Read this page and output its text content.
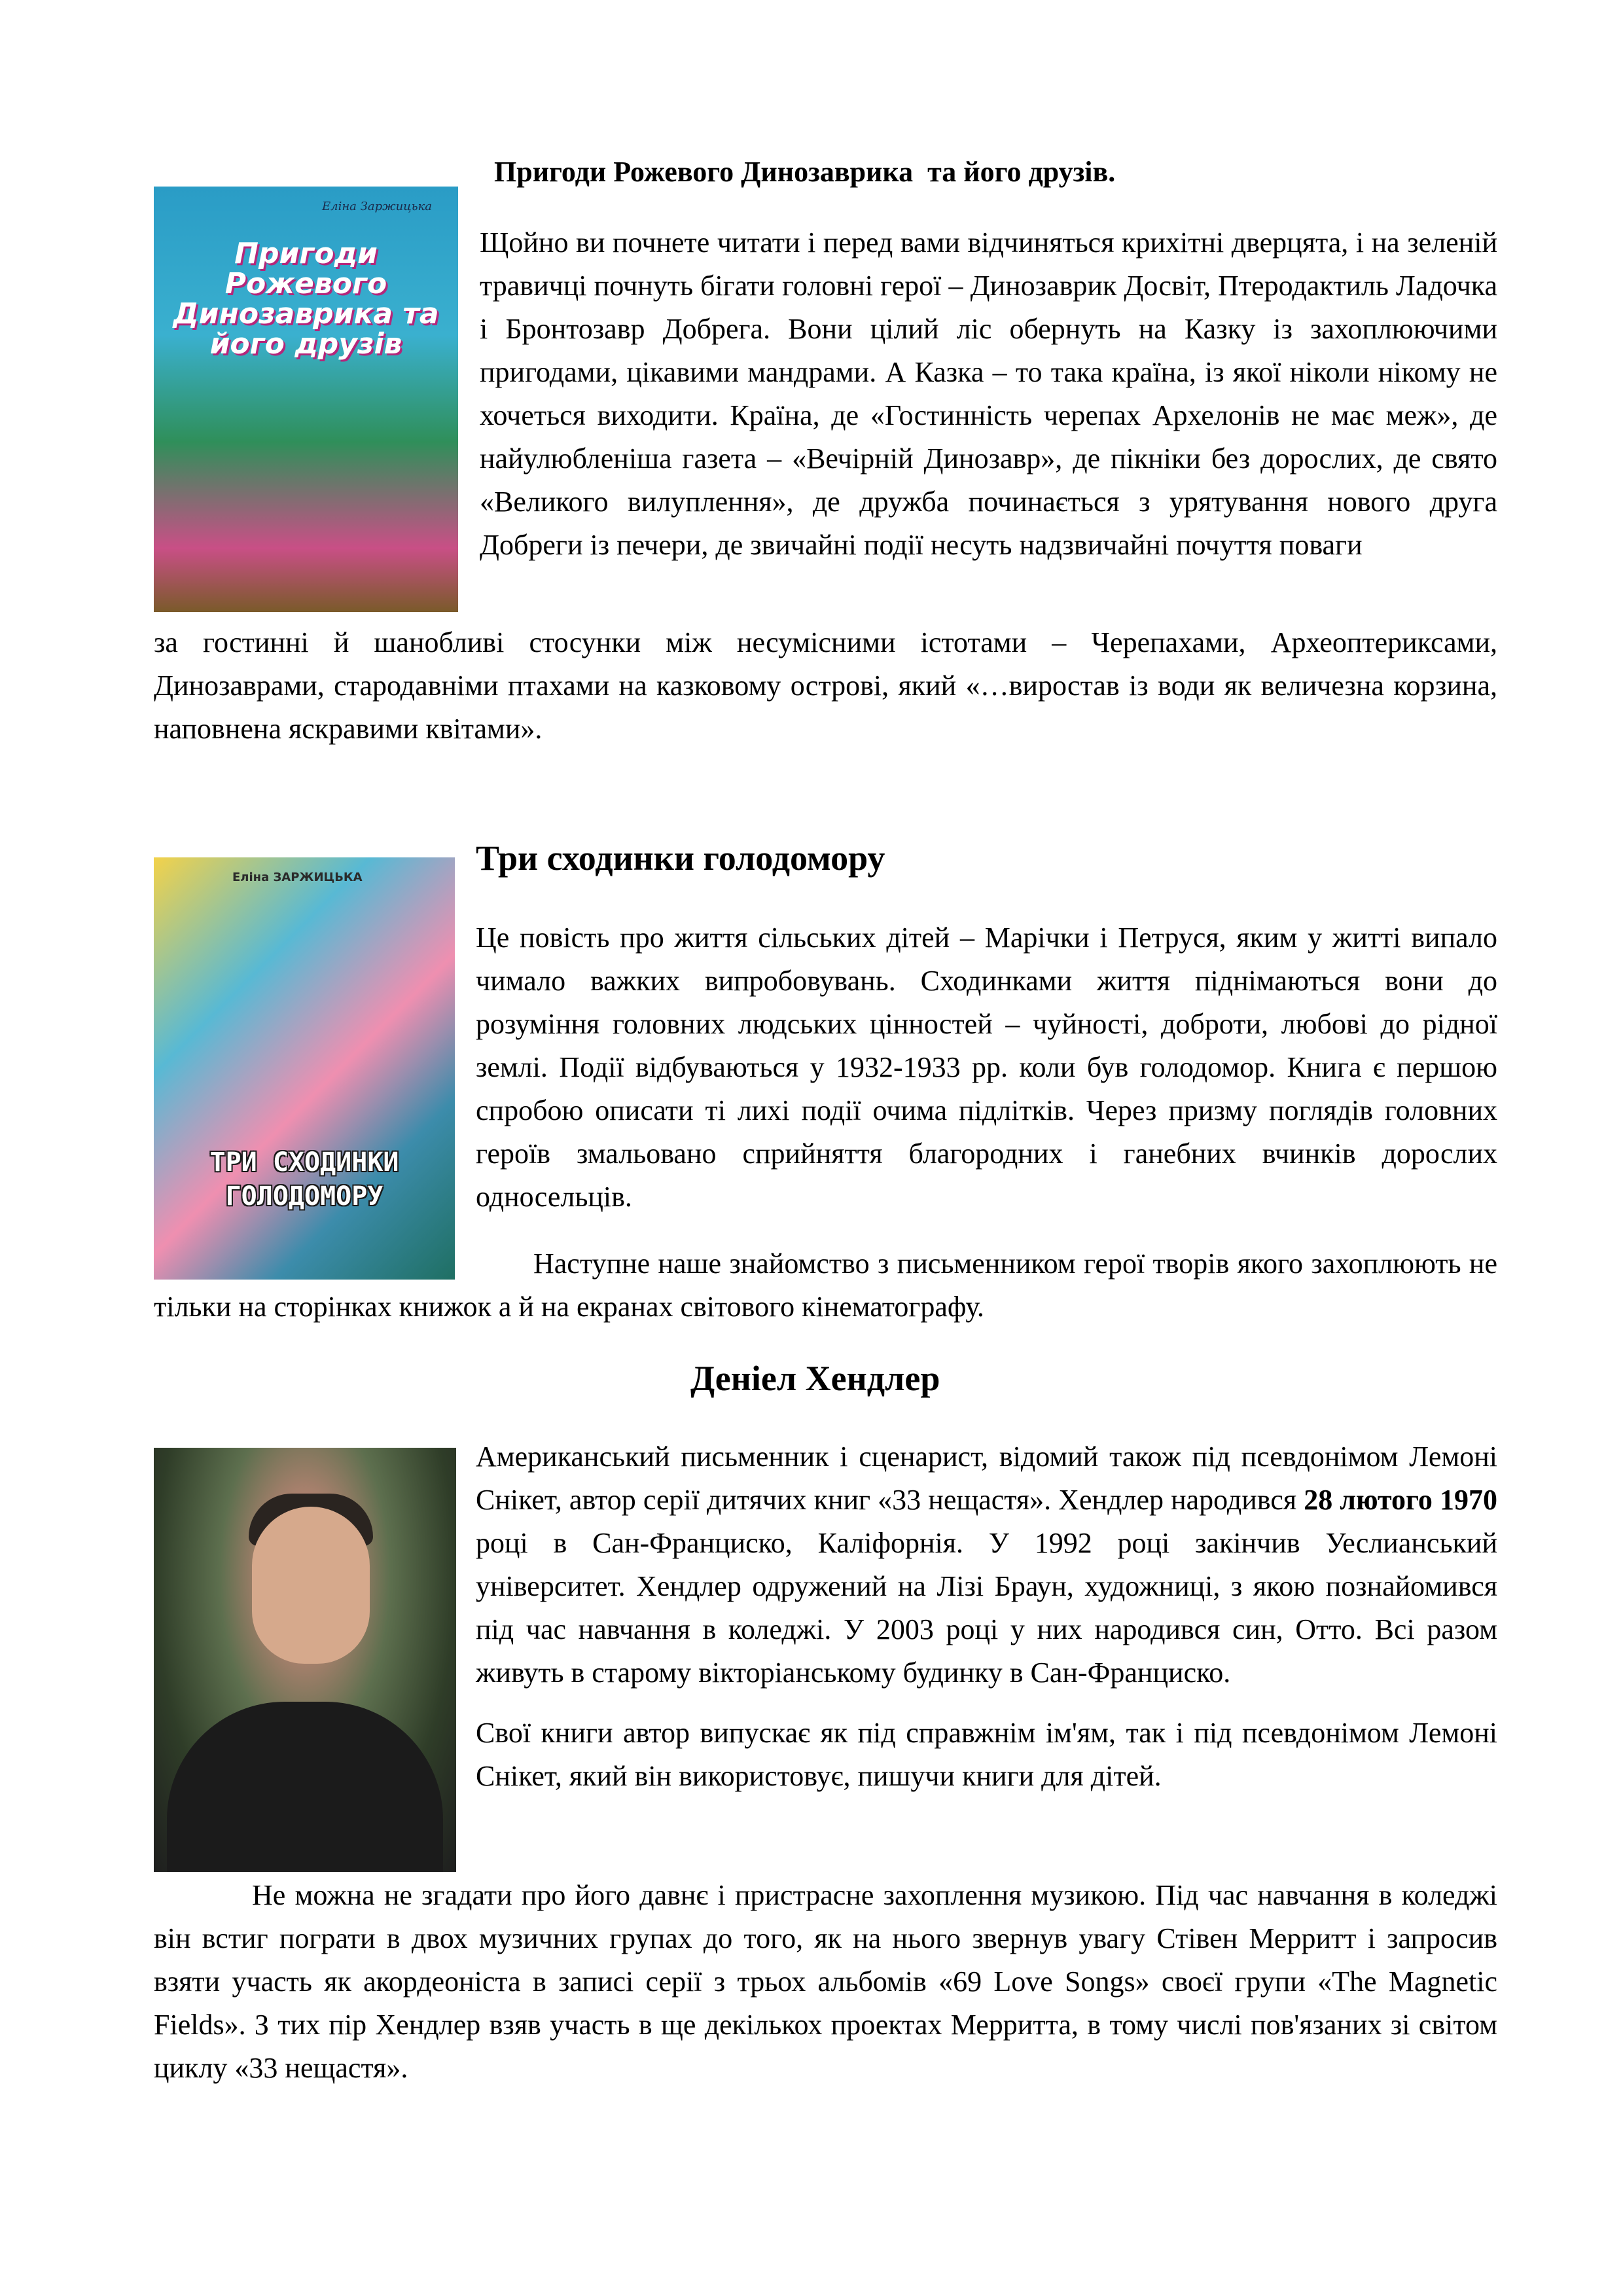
Пригоди Рожевого Динозаврика  та його друзів.
Еліна Заржицька
Пригоди Рожевого Динозаврика та його друзів

Щойно ви почнете читати і перед вами відчиняться крихітні дверцята, і на зеленій травичці почнуть бігати головні герої – Динозаврик Досвіт, Птеродактиль Ладочка і Бронтозавр Добрега. Вони цілий ліс обернуть на Казку із захоплюючими пригодами, цікавими мандрами. А Казка – то така країна, із якої ніколи нікому не хочеться виходити. Країна, де «Гостинність черепах Архелонів не має меж», де найулюбленіша газета – «Вечірній Динозавр», де пікніки без дорослих, де свято «Великого вилуплення», де дружба починається з урятування нового друга Добреги із печери, де звичайні події несуть надзвичайні почуття поваги

за гостинні й шанобливі стосунки між несумісними істотами – Черепахами, Археоптериксами, Динозаврами, стародавніми птахами на казковому острові, який «…виростав із води як величезна корзина, наповнена яскравими квітами».

Три сходинки голодомору
Еліна ЗАРЖИЦЬКА
ТРИ СХОДИНКИ ГОЛОДОМОРУ

Це повість про життя сільських дітей – Марічки і Петруся, яким у житті випало чимало важких випробовувань. Сходинками життя піднімаються вони до розуміння головних людських цінностей – чуйності, доброти, любові до рідної землі. Події відбуваються у 1932-1933 рр. коли був голодомор. Книга є першою спробою описати ті лихі події очима підлітків. Через призму поглядів головних героїв змальовано сприйняття благородних і ганебних вчинків дорослих односельців.

Наступне наше знайомство з письменником герої творів якого захоплюють не тільки на сторінках книжок а й на екранах світового кінематографу.

Деніел Хендлер

Американський письменник і сценарист, відомий також під псевдонімом Лемоні Снікет, автор серії дитячих книг «33 нещастя». Хендлер народився 28 лютого 1970 році в Сан-Франциско, Каліфорнія. У 1992 році закінчив Уеслианський університет. Хендлер одружений на Лізі Браун, художниці, з якою познайомився під час навчання в коледжі. У 2003 році у них народився син, Отто. Всі разом живуть в старому вікторіанському будинку в Сан-Франциско.

Свої книги автор випускає як під справжнім ім'ям, так і під псевдонімом Лемоні Снікет, який він використовує, пишучи книги для дітей.

Не можна не згадати про його давнє і пристрасне захоплення музикою. Під час навчання в коледжі він встиг пограти в двох музичних групах до того, як на нього звернув увагу Стівен Мерритт і запросив взяти участь як акордеоніста в записі серії з трьох альбомів «69 Love Songs» своєї групи «The Magnetic Fields». З тих пір Хендлер взяв участь в ще декількох проектах Мерритта, в тому числі пов'язаних зі світом циклу «33 нещастя».
